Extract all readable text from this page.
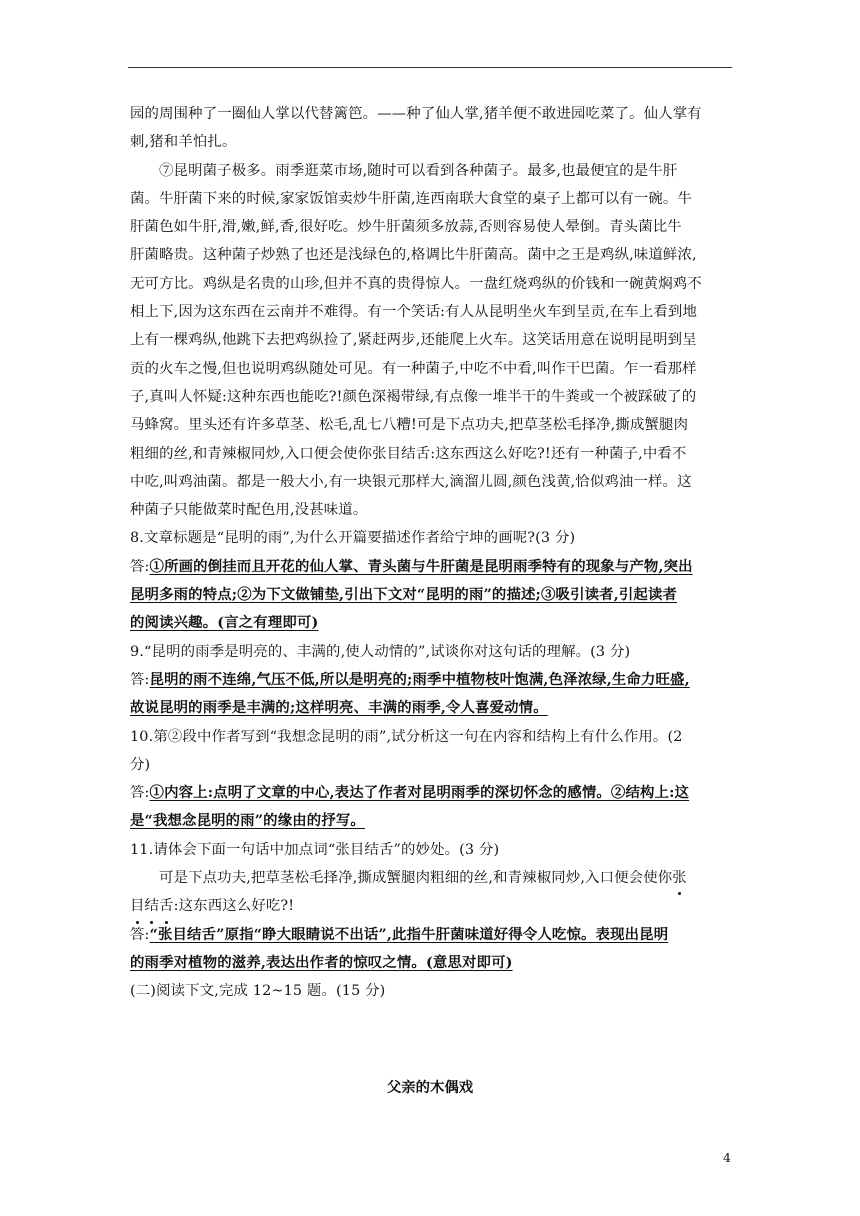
园的周围种了一圈仙人掌以代替篱笆。——种了仙人掌,猪羊便不敢进园吃菜了。仙人掌有
刺,猪和羊怕扎。
⑦昆明菌子极多。雨季逛菜市场,随时可以看到各种菌子。最多,也最便宜的是牛肝
菌。牛肝菌下来的时候,家家饭馆卖炒牛肝菌,连西南联大食堂的桌子上都可以有一碗。牛
肝菌色如牛肝,滑,嫩,鲜,香,很好吃。炒牛肝菌须多放蒜,否则容易使人晕倒。青头菌比牛
肝菌略贵。这种菌子炒熟了也还是浅绿色的,格调比牛肝菌高。菌中之王是鸡纵,味道鲜浓,
无可方比。鸡纵是名贵的山珍,但并不真的贵得惊人。一盘红烧鸡纵的价钱和一碗黄焖鸡不
相上下,因为这东西在云南并不难得。有一个笑话:有人从昆明坐火车到呈贡,在车上看到地
上有一棵鸡纵,他跳下去把鸡纵捡了,紧赶两步,还能爬上火车。这笑话用意在说明昆明到呈
贡的火车之慢,但也说明鸡纵随处可见。有一种菌子,中吃不中看,叫作干巴菌。乍一看那样
子,真叫人怀疑:这种东西也能吃?!颜色深褐带绿,有点像一堆半干的牛粪或一个被踩破了的
马蜂窝。里头还有许多草茎、松毛,乱七八糟!可是下点功夫,把草茎松毛择净,撕成蟹腿肉
粗细的丝,和青辣椒同炒,入口便会使你张目结舌:这东西这么好吃?!还有一种菌子,中看不
中吃,叫鸡油菌。都是一般大小,有一块银元那样大,滴溜儿圆,颜色浅黄,恰似鸡油一样。这
种菌子只能做菜时配色用,没甚味道。
8.文章标题是“昆明的雨”,为什么开篇要描述作者给宁坤的画呢?(3 分)
答:①所画的倒挂而且开花的仙人掌、青头菌与牛肝菌是昆明雨季特有的现象与产物,突出
昆明多雨的特点;②为下文做铺垫,引出下文对“昆明的雨”的描述;③吸引读者,引起读者
的阅读兴趣。(言之有理即可)
9.“昆明的雨季是明亮的、丰满的,使人动情的”,试谈你对这句话的理解。(3 分)
答:昆明的雨不连绵,气压不低,所以是明亮的;雨季中植物枝叶饱满,色泽浓绿,生命力旺盛,
故说昆明的雨季是丰满的;这样明亮、丰满的雨季,令人喜爱动情。
10.第②段中作者写到“我想念昆明的雨”,试分析这一句在内容和结构上有什么作用。(2
分)
答:①内容上:点明了文章的中心,表达了作者对昆明雨季的深切怀念的感情。②结构上:这
是“我想念昆明的雨”的缘由的抒写。
11.请体会下面一句话中加点词“张目结舌”的妙处。(3 分)
可是下点功夫,把草茎松毛择净,撕成蟹腿肉粗细的丝,和青辣椒同炒,入口便会使你张
目结舌:这东西这么好吃?!
答:“张目结舌”原指“睁大眼睛说不出话”,此指牛肝菌味道好得令人吃惊。表现出昆明
的雨季对植物的滋养,表达出作者的惊叹之情。(意思对即可)
(二)阅读下文,完成 12~15 题。(15 分)
父亲的木偶戏
4
